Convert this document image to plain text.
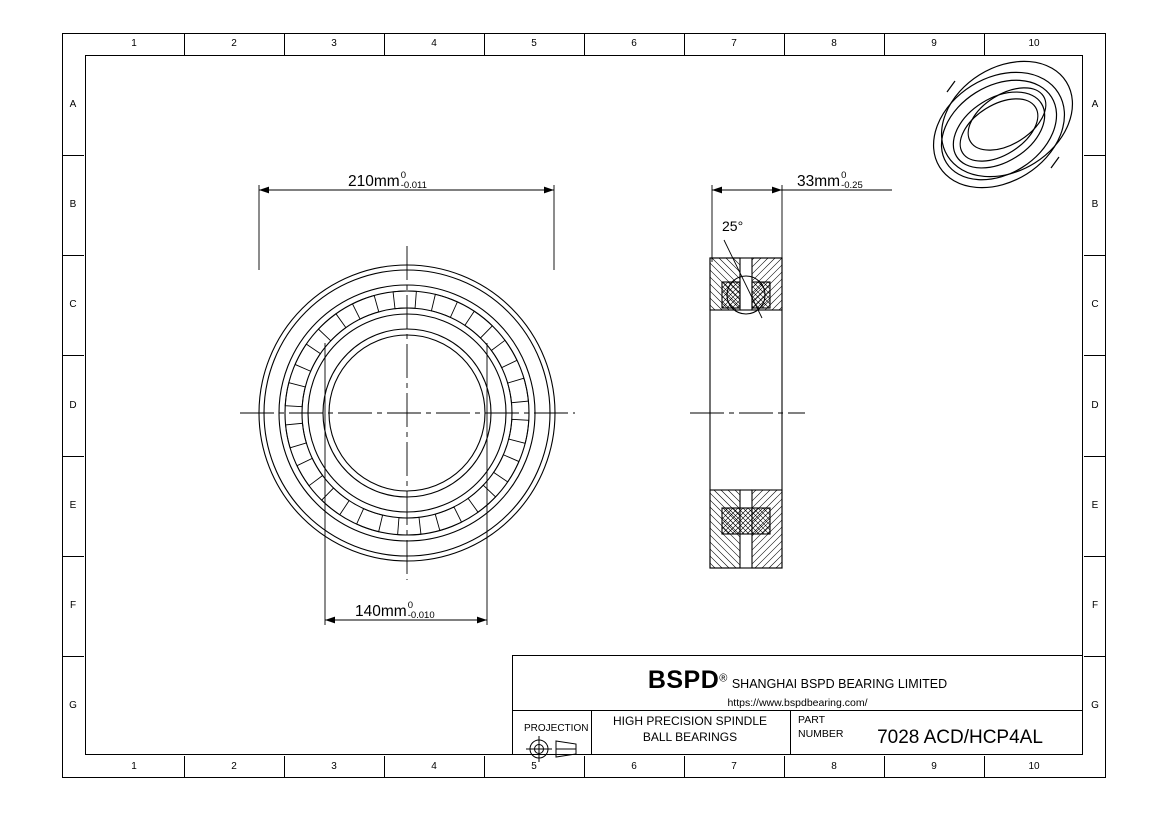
1
1
2
2
3
3
4
4
5
5
6
6
7
7
8
8
9
9
10
10
A	A
B	B
C	C
D	D
E	E
F	F
G	G
210mm 0
-0.011
140mm 0
-0.010
33mm 0
-0.25
25°
BSPD® SHANGHAI BSPD BEARING LIMITED
https://www.bspdbearing.com/
PROJECTION
HIGH PRECISION SPINDLE
BALL BEARINGS
PART
NUMBER	7028 ACD/HCP4AL
